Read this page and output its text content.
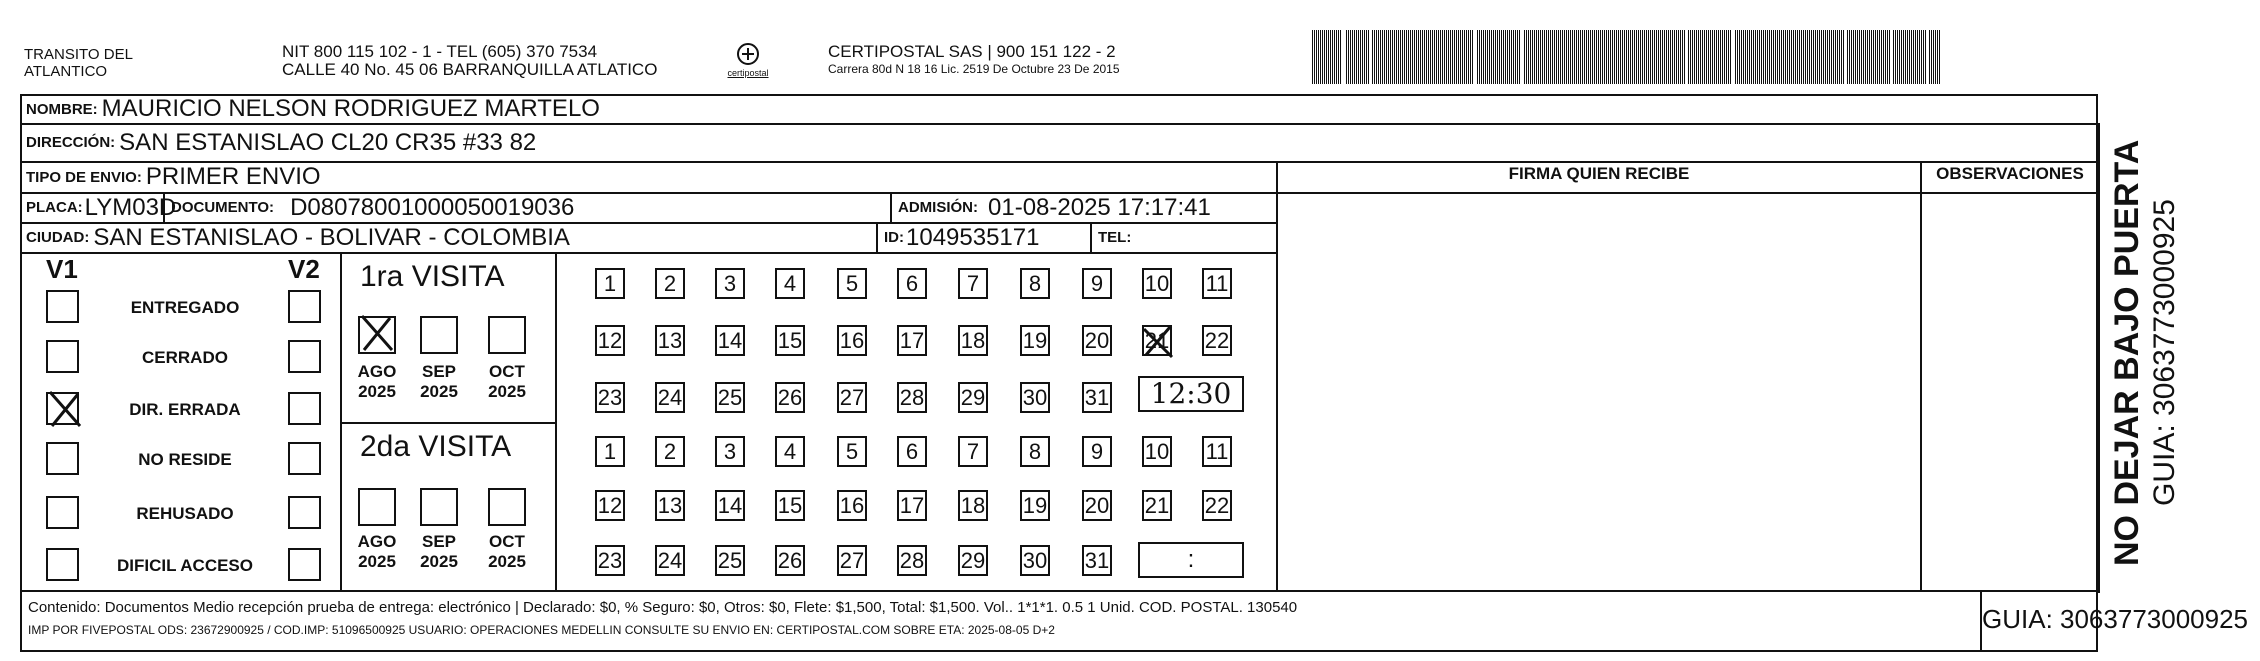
TRANSITO DEL ATLANTICO
NIT 800 115 102 - 1 - TEL (605) 370 7534
CALLE 40 No. 45 06 BARRANQUILLA ATLATICO	certipostal
CERTIPOSTAL SAS | 900 151 122 - 2
Carrera 80d N 18 16 Lic. 2519 De Octubre 23 De 2015
NOMBRE: MAURICIO NELSON RODRIGUEZ MARTELO
DIRECCIÓN: SAN ESTANISLAO CL20 CR35 #33 82
TIPO DE ENVIO: PRIMER ENVIO	FIRMA QUIEN RECIBE	OBSERVACIONES
PLACA: LYM03D
DOCUMENTO: D08078001000050019036	ADMISIÓN: 01-08-2025 17:17:41
CIUDAD: SAN ESTANISLAO - BOLIVAR - COLOMBIA	ID: 1049535171	TEL:
V1	V2
ENTREGADO
CERRADO
DIR. ERRADA
NO RESIDE
REHUSADO
DIFICIL ACCESO
1ra VISITA
2da VISITA
AGO
2025
SEP
2025
OCT
2025
AGO
2025
SEP
2025
OCT
2025
1	2	3	4	5	6	7	8	9	10 11
12 13 14 15 16 17 18 19 20 21 22
23 24 25 26 27 28 29 30 31
1	2	3	4	5	6	7	8	9	10 11
12 13 14 15 16 17 18 19 20 21 22
23 24 25 26 27 28 29 30 31
12:30
:	NO DEJAR BAJO PUERTA GUIA: 3063773000925
Contenido: Documentos Medio recepción prueba de entrega: electrónico | Declarado: $0, % Seguro: $0, Otros: $0, Flete: $1,500, Total: $1,500. Vol.. 1*1*1. 0.5 1 Unid. COD. POSTAL. 130540
IMP POR FIVEPOSTAL ODS: 23672900925 / COD.IMP: 51096500925 USUARIO: OPERACIONES MEDELLIN CONSULTE SU ENVIO EN: CERTIPOSTAL.COM SOBRE ETA: 2025-08-05 D+2	GUIA: 3063773000925
